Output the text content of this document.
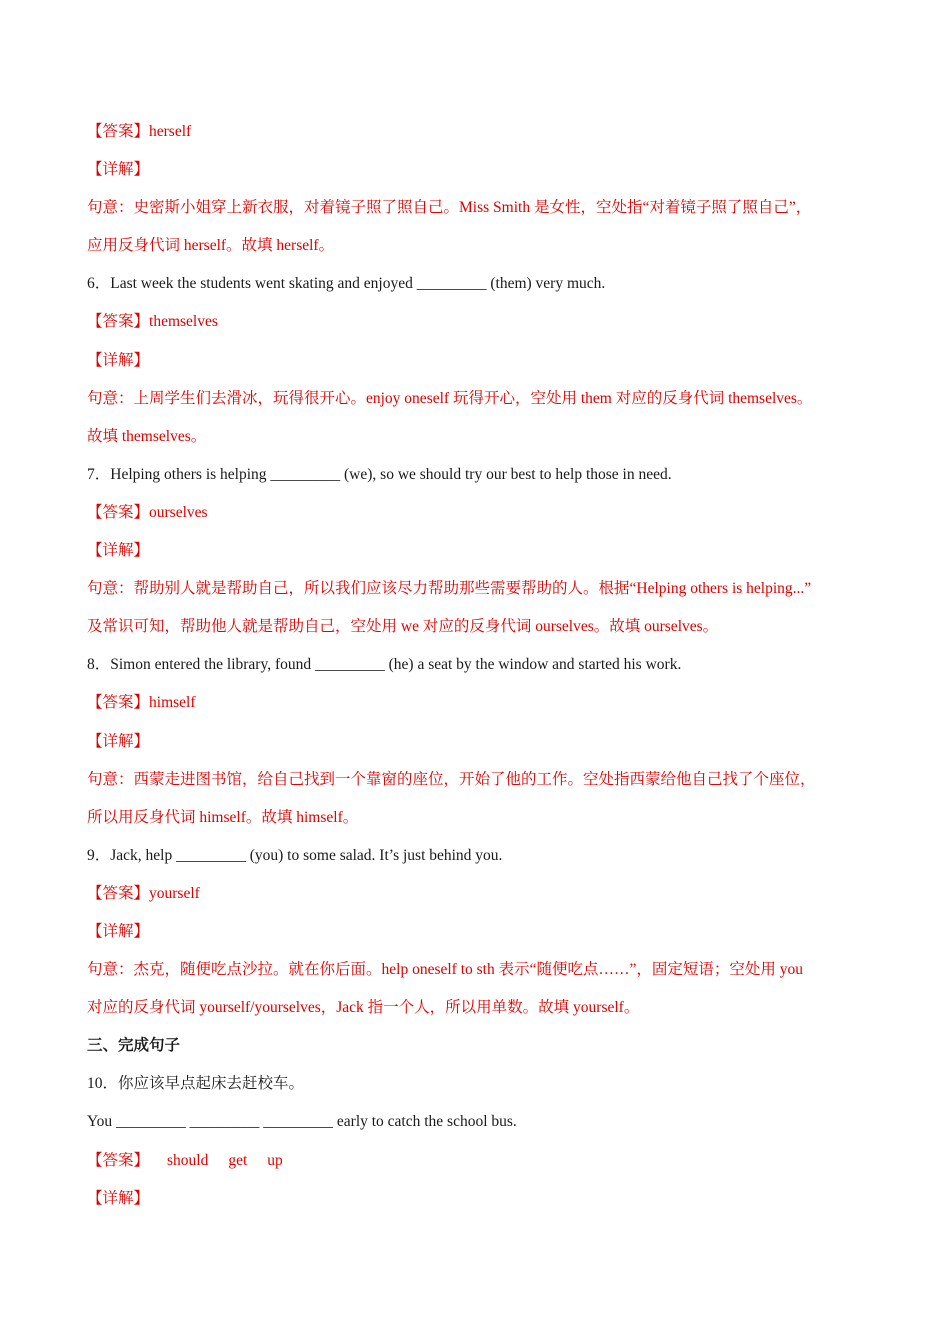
【答案】herself
【详解】
句意：史密斯小姐穿上新衣服，对着镜子照了照自己。Miss Smith 是女性，空处指“对着镜子照了照自己”，
应用反身代词 herself。故填 herself。
6．Last week the students went skating and enjoyed _________ (them) very much.
【答案】themselves
【详解】
句意：上周学生们去滑冰，玩得很开心。enjoy oneself 玩得开心，空处用 them 对应的反身代词 themselves。
故填 themselves。
7．Helping others is helping _________ (we), so we should try our best to help those in need.
【答案】ourselves
【详解】
句意：帮助别人就是帮助自己，所以我们应该尽力帮助那些需要帮助的人。根据“Helping others is helping...”
及常识可知，帮助他人就是帮助自己，空处用 we 对应的反身代词 ourselves。故填 ourselves。
8．Simon entered the library, found _________ (he) a seat by the window and started his work.
【答案】himself
【详解】
句意：西蒙走进图书馆，给自己找到一个靠窗的座位，开始了他的工作。空处指西蒙给他自己找了个座位，
所以用反身代词 himself。故填 himself。
9．Jack, help _________ (you) to some salad. It’s just behind you.
【答案】yourself
【详解】
句意：杰克，随便吃点沙拉。就在你后面。help oneself to sth 表示“随便吃点……”，固定短语；空处用 you
对应的反身代词 yourself/yourselves，Jack 指一个人，所以用单数。故填 yourself。
三、完成句子
10．你应该早点起床去赶校车。
You _________ _________ _________ early to catch the school bus.
【答案】 should get up
【详解】
